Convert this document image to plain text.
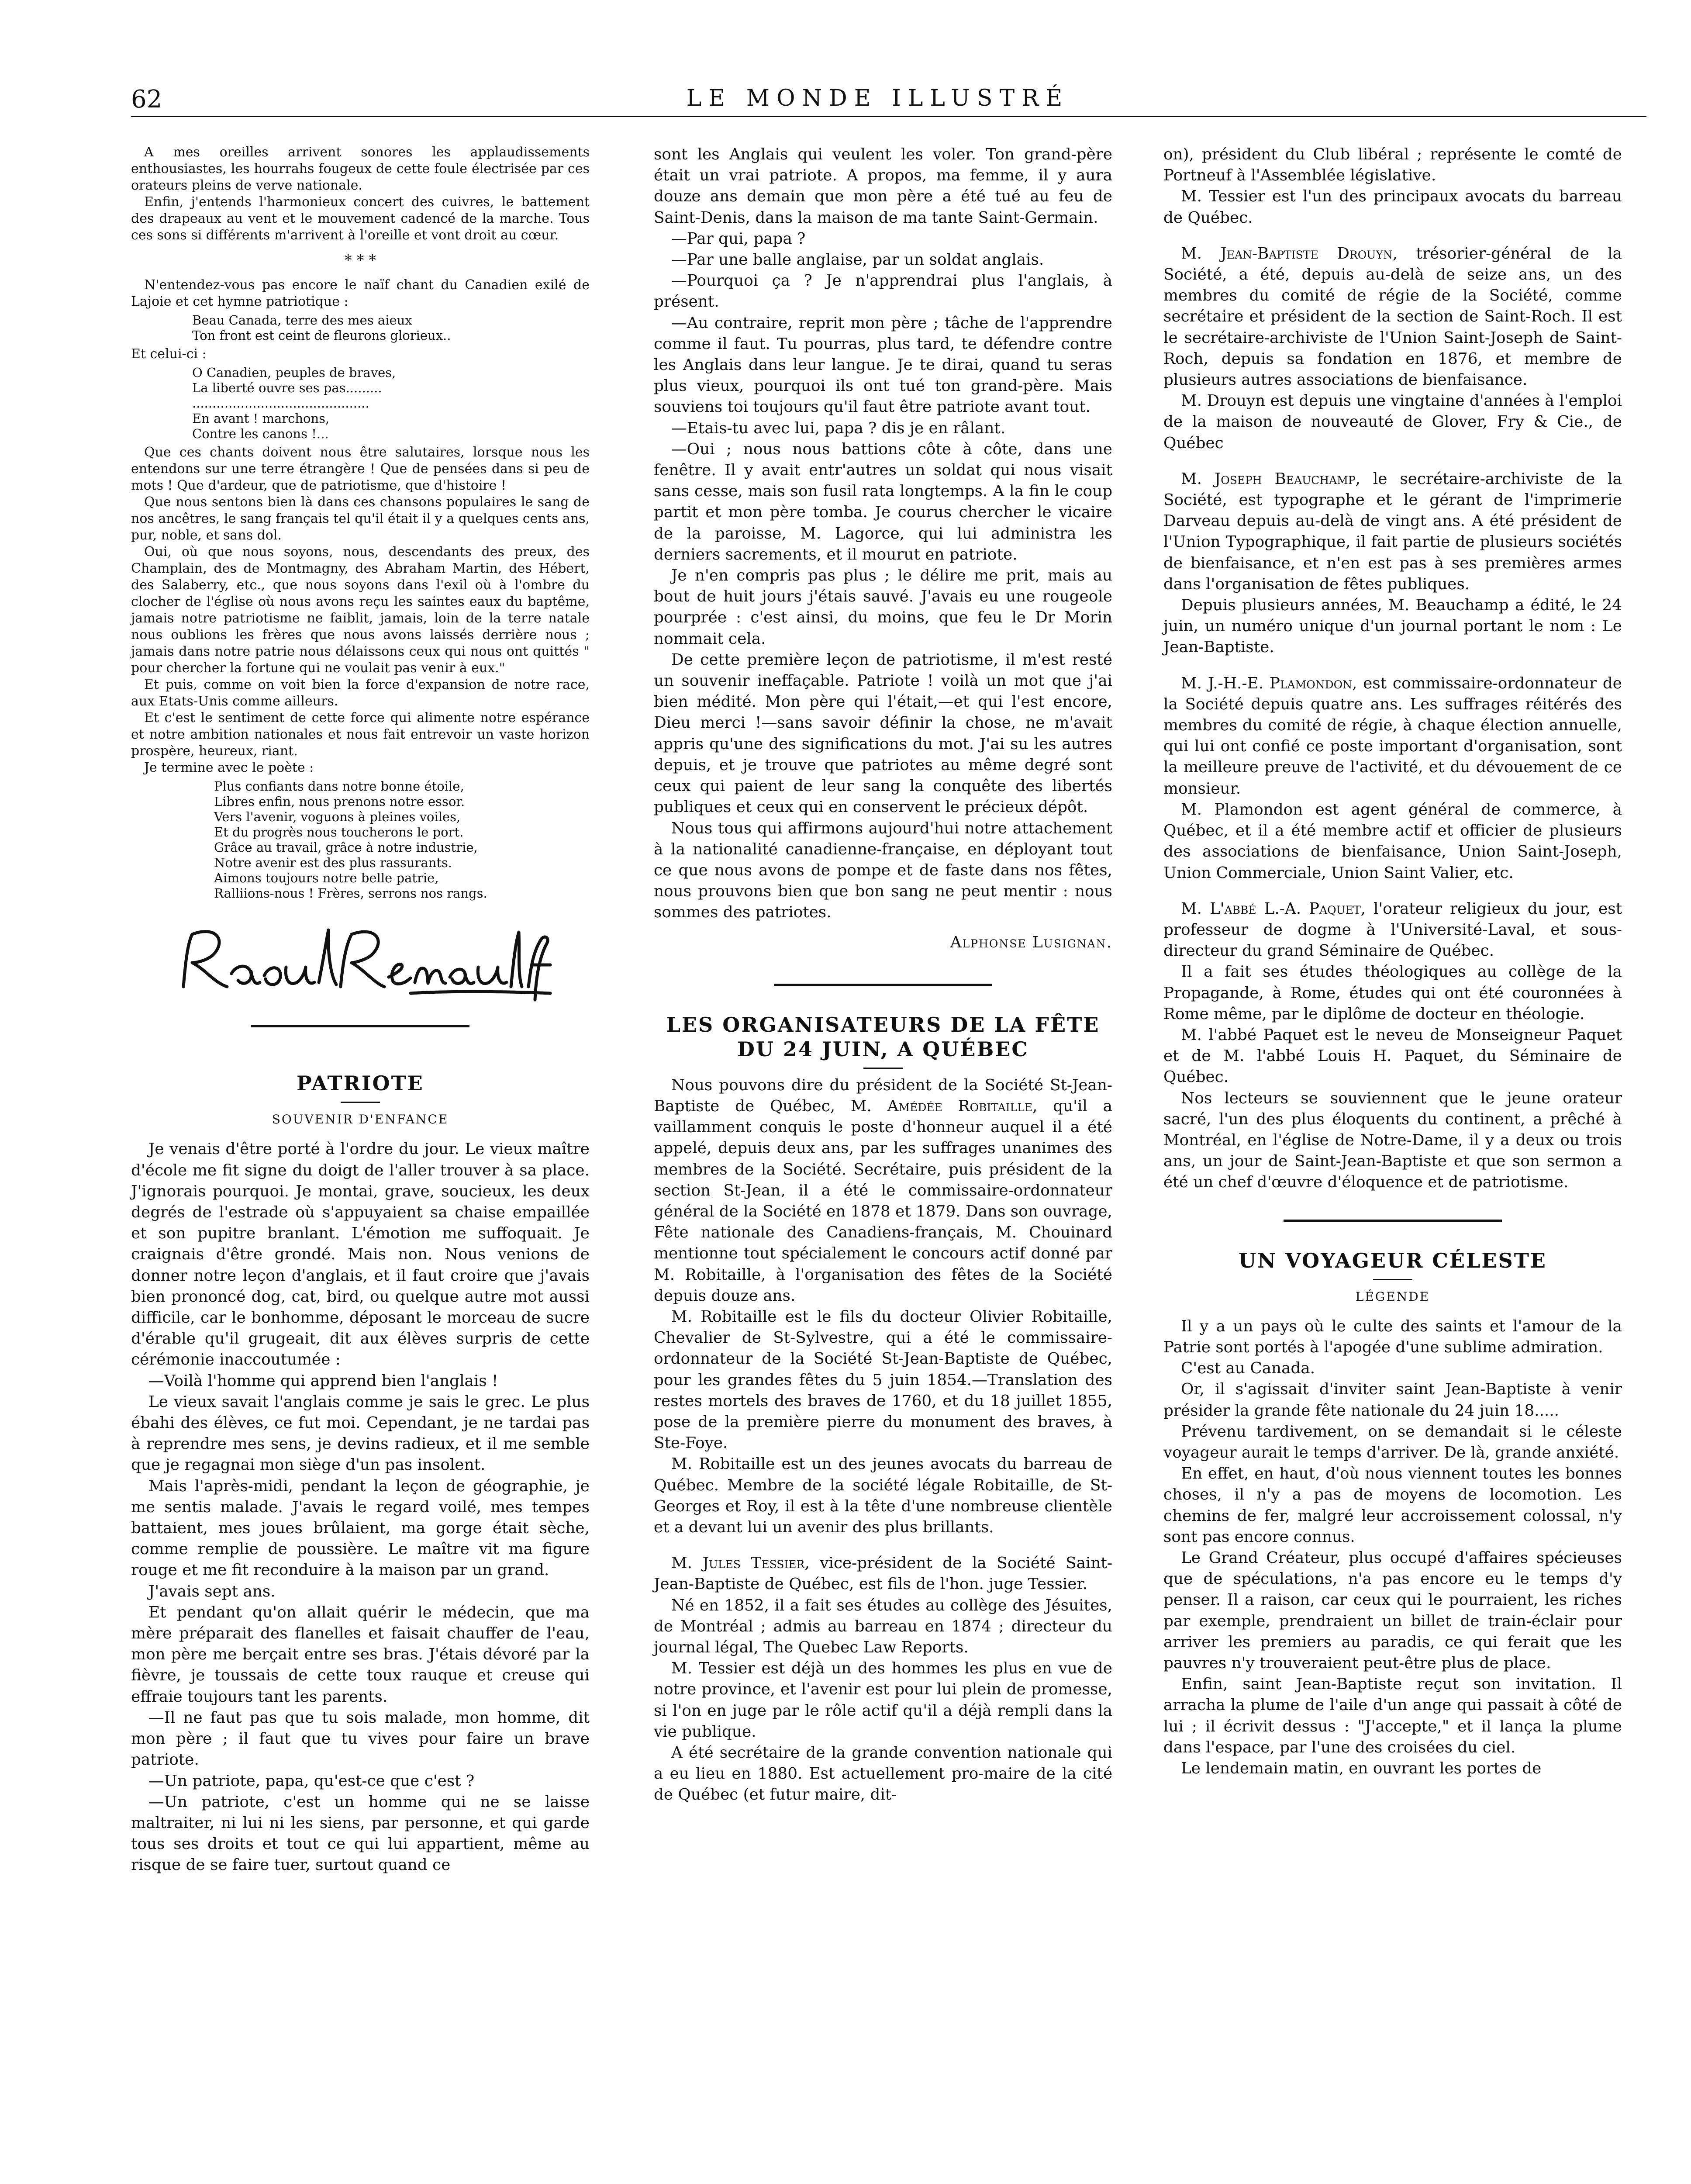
62	LE MONDE ILLUSTRÉ

A mes oreilles arrivent sonores les applaudissements enthousiastes, les hourrahs fougeux de cette foule électrisée par ces orateurs pleins de verve nationale.

Enfin, j'entends l'harmonieux concert des cuivres, le battement des drapeaux au vent et le mouvement cadencé de la marche. Tous ces sons si différents m'arrivent à l'oreille et vont droit au cœur.

* * *

N'entendez-vous pas encore le naïf chant du Canadien exilé de Lajoie et cet hymne patriotique :

Beau Canada, terre des mes aieux
Ton front est ceint de fleurons glorieux..

Et celui-ci :

O Canadien, peuples de braves,
La liberté ouvre ses pas.........
............................................
En avant ! marchons,
Contre les canons !...

Que ces chants doivent nous être salutaires, lorsque nous les entendons sur une terre étrangère ! Que de pensées dans si peu de mots ! Que d'ardeur, que de patriotisme, que d'histoire !

Que nous sentons bien là dans ces chansons populaires le sang de nos ancêtres, le sang français tel qu'il était il y a quelques cents ans, pur, noble, et sans dol.

Oui, où que nous soyons, nous, descendants des preux, des Champlain, des de Montmagny, des Abraham Martin, des Hébert, des Salaberry, etc., que nous soyons dans l'exil où à l'ombre du clocher de l'église où nous avons reçu les saintes eaux du baptême, jamais notre patriotisme ne faiblit, jamais, loin de la terre natale nous oublions les frères que nous avons laissés derrière nous ; jamais dans notre patrie nous délaissons ceux qui nous ont quittés " pour chercher la fortune qui ne voulait pas venir à eux."

Et puis, comme on voit bien la force d'expansion de notre race, aux Etats-Unis comme ailleurs.

Et c'est le sentiment de cette force qui alimente notre espérance et notre ambition nationales et nous fait entrevoir un vaste horizon prospère, heureux, riant.

Je termine avec le poète :

Plus confiants dans notre bonne étoile,
Libres enfin, nous prenons notre essor.
Vers l'avenir, voguons à pleines voiles,
Et du progrès nous toucherons le port.
Grâce au travail, grâce à notre industrie,
Notre avenir est des plus rassurants.
Aimons toujours notre belle patrie,
Ralliions-nous ! Frères, serrons nos rangs.
PATRIOTE
SOUVENIR D'ENFANCE

Je venais d'être porté à l'ordre du jour. Le vieux maître d'école me fit signe du doigt de l'aller trouver à sa place. J'ignorais pourquoi. Je montai, grave, soucieux, les deux degrés de l'estrade où s'appuyaient sa chaise empaillée et son pupitre branlant. L'émotion me suffoquait. Je craignais d'être grondé. Mais non. Nous venions de donner notre leçon d'anglais, et il faut croire que j'avais bien prononcé dog, cat, bird, ou quelque autre mot aussi difficile, car le bonhomme, déposant le morceau de sucre d'érable qu'il grugeait, dit aux élèves surpris de cette cérémonie inaccoutumée :

—Voilà l'homme qui apprend bien l'anglais !

Le vieux savait l'anglais comme je sais le grec. Le plus ébahi des élèves, ce fut moi. Cependant, je ne tardai pas à reprendre mes sens, je devins radieux, et il me semble que je regagnai mon siège d'un pas insolent.

Mais l'après-midi, pendant la leçon de géographie, je me sentis malade. J'avais le regard voilé, mes tempes battaient, mes joues brûlaient, ma gorge était sèche, comme remplie de poussière. Le maître vit ma figure rouge et me fit reconduire à la maison par un grand.

J'avais sept ans.

Et pendant qu'on allait quérir le médecin, que ma mère préparait des flanelles et faisait chauffer de l'eau, mon père me berçait entre ses bras. J'étais dévoré par la fièvre, je toussais de cette toux rauque et creuse qui effraie toujours tant les parents.

—Il ne faut pas que tu sois malade, mon homme, dit mon père ; il faut que tu vives pour faire un brave patriote.

—Un patriote, papa, qu'est-ce que c'est ?

—Un patriote, c'est un homme qui ne se laisse maltraiter, ni lui ni les siens, par personne, et qui garde tous ses droits et tout ce qui lui appartient, même au risque de se faire tuer, surtout quand ce

sont les Anglais qui veulent les voler. Ton grand-père était un vrai patriote. A propos, ma femme, il y aura douze ans demain que mon père a été tué au feu de Saint-Denis, dans la maison de ma tante Saint-Germain.

—Par qui, papa ?

—Par une balle anglaise, par un soldat anglais.

—Pourquoi ça ? Je n'apprendrai plus l'anglais, à présent.

—Au contraire, reprit mon père ; tâche de l'apprendre comme il faut. Tu pourras, plus tard, te défendre contre les Anglais dans leur langue. Je te dirai, quand tu seras plus vieux, pourquoi ils ont tué ton grand-père. Mais souviens toi toujours qu'il faut être patriote avant tout.

—Etais-tu avec lui, papa ? dis je en râlant.

—Oui ; nous nous battions côte à côte, dans une fenêtre. Il y avait entr'autres un soldat qui nous visait sans cesse, mais son fusil rata longtemps. A la fin le coup partit et mon père tomba. Je courus chercher le vicaire de la paroisse, M. Lagorce, qui lui administra les derniers sacrements, et il mourut en patriote.

Je n'en compris pas plus ; le délire me prit, mais au bout de huit jours j'étais sauvé. J'avais eu une rougeole pourprée : c'est ainsi, du moins, que feu le Dr Morin nommait cela.

De cette première leçon de patriotisme, il m'est resté un souvenir ineffaçable. Patriote ! voilà un mot que j'ai bien médité. Mon père qui l'était,—et qui l'est encore, Dieu merci !—sans savoir définir la chose, ne m'avait appris qu'une des significations du mot. J'ai su les autres depuis, et je trouve que patriotes au même degré sont ceux qui paient de leur sang la conquête des libertés publiques et ceux qui en conservent le précieux dépôt.

Nous tous qui affirmons aujourd'hui notre attachement à la nationalité canadienne-française, en déployant tout ce que nous avons de pompe et de faste dans nos fêtes, nous prouvons bien que bon sang ne peut mentir : nous sommes des patriotes.

Alphonse Lusignan.
LES ORGANISATEURS DE LA FÊTE
DU 24 JUIN, A QUÉBEC

Nous pouvons dire du président de la Société St-Jean-Baptiste de Québec, M. Amédée Robitaille, qu'il a vaillamment conquis le poste d'honneur auquel il a été appelé, depuis deux ans, par les suffrages unanimes des membres de la Société. Secrétaire, puis président de la section St-Jean, il a été le commissaire-ordonnateur général de la Société en 1878 et 1879. Dans son ouvrage, Fête nationale des Canadiens-français, M. Chouinard mentionne tout spécialement le concours actif donné par M. Robitaille, à l'organisation des fêtes de la Société depuis douze ans.

M. Robitaille est le fils du docteur Olivier Robitaille, Chevalier de St-Sylvestre, qui a été le commissaire-ordonnateur de la Société St-Jean-Baptiste de Québec, pour les grandes fêtes du 5 juin 1854.—Translation des restes mortels des braves de 1760, et du 18 juillet 1855, pose de la première pierre du monument des braves, à Ste-Foye.

M. Robitaille est un des jeunes avocats du barreau de Québec. Membre de la société légale Robitaille, de St-Georges et Roy, il est à la tête d'une nombreuse clientèle et a devant lui un avenir des plus brillants.

M. Jules Tessier, vice-président de la Société Saint-Jean-Baptiste de Québec, est fils de l'hon. juge Tessier.

Né en 1852, il a fait ses études au collège des Jésuites, de Montréal ; admis au barreau en 1874 ; directeur du journal légal, The Quebec Law Reports.

M. Tessier est déjà un des hommes les plus en vue de notre province, et l'avenir est pour lui plein de promesse, si l'on en juge par le rôle actif qu'il a déjà rempli dans la vie publique.

A été secrétaire de la grande convention nationale qui a eu lieu en 1880. Est actuellement pro-maire de la cité de Québec (et futur maire, dit-

on), président du Club libéral ; représente le comté de Portneuf à l'Assemblée législative.

M. Tessier est l'un des principaux avocats du barreau de Québec.

M. Jean-Baptiste Drouyn, trésorier-général de la Société, a été, depuis au-delà de seize ans, un des membres du comité de régie de la Société, comme secrétaire et président de la section de Saint-Roch. Il est le secrétaire-archiviste de l'Union Saint-Joseph de Saint-Roch, depuis sa fondation en 1876, et membre de plusieurs autres associations de bienfaisance.

M. Drouyn est depuis une vingtaine d'années à l'emploi de la maison de nouveauté de Glover, Fry & Cie., de Québec

M. Joseph Beauchamp, le secrétaire-archiviste de la Société, est typographe et le gérant de l'imprimerie Darveau depuis au-delà de vingt ans. A été président de l'Union Typographique, il fait partie de plusieurs sociétés de bienfaisance, et n'en est pas à ses premières armes dans l'organisation de fêtes publiques.

Depuis plusieurs années, M. Beauchamp a édité, le 24 juin, un numéro unique d'un journal portant le nom : Le Jean-Baptiste.

M. J.-H.-E. Plamondon, est commissaire-ordonnateur de la Société depuis quatre ans. Les suffrages réitérés des membres du comité de régie, à chaque élection annuelle, qui lui ont confié ce poste important d'organisation, sont la meilleure preuve de l'activité, et du dévouement de ce monsieur.

M. Plamondon est agent général de commerce, à Québec, et il a été membre actif et officier de plusieurs des associations de bienfaisance, Union Saint-Joseph, Union Commerciale, Union Saint Valier, etc.

M. L'abbé L.-A. Paquet, l'orateur religieux du jour, est professeur de dogme à l'Université-Laval, et sous-directeur du grand Séminaire de Québec.

Il a fait ses études théologiques au collège de la Propagande, à Rome, études qui ont été couronnées à Rome même, par le diplôme de docteur en théologie.

M. l'abbé Paquet est le neveu de Monseigneur Paquet et de M. l'abbé Louis H. Paquet, du Séminaire de Québec.

Nos lecteurs se souviennent que le jeune orateur sacré, l'un des plus éloquents du continent, a prêché à Montréal, en l'église de Notre-Dame, il y a deux ou trois ans, un jour de Saint-Jean-Baptiste et que son sermon a été un chef d'œuvre d'éloquence et de patriotisme.

UN VOYAGEUR CÉLESTE
LÉGENDE

Il y a un pays où le culte des saints et l'amour de la Patrie sont portés à l'apogée d'une sublime admiration.

C'est au Canada.

Or, il s'agissait d'inviter saint Jean-Baptiste à venir présider la grande fête nationale du 24 juin 18.....

Prévenu tardivement, on se demandait si le céleste voyageur aurait le temps d'arriver. De là, grande anxiété.

En effet, en haut, d'où nous viennent toutes les bonnes choses, il n'y a pas de moyens de locomotion. Les chemins de fer, malgré leur accroissement colossal, n'y sont pas encore connus.

Le Grand Créateur, plus occupé d'affaires spécieuses que de spéculations, n'a pas encore eu le temps d'y penser. Il a raison, car ceux qui le pourraient, les riches par exemple, prendraient un billet de train-éclair pour arriver les premiers au paradis, ce qui ferait que les pauvres n'y trouveraient peut-être plus de place.

Enfin, saint Jean-Baptiste reçut son invitation. Il arracha la plume de l'aile d'un ange qui passait à côté de lui ; il écrivit dessus : "J'accepte," et il lança la plume dans l'espace, par l'une des croisées du ciel.

Le lendemain matin, en ouvrant les portes de
